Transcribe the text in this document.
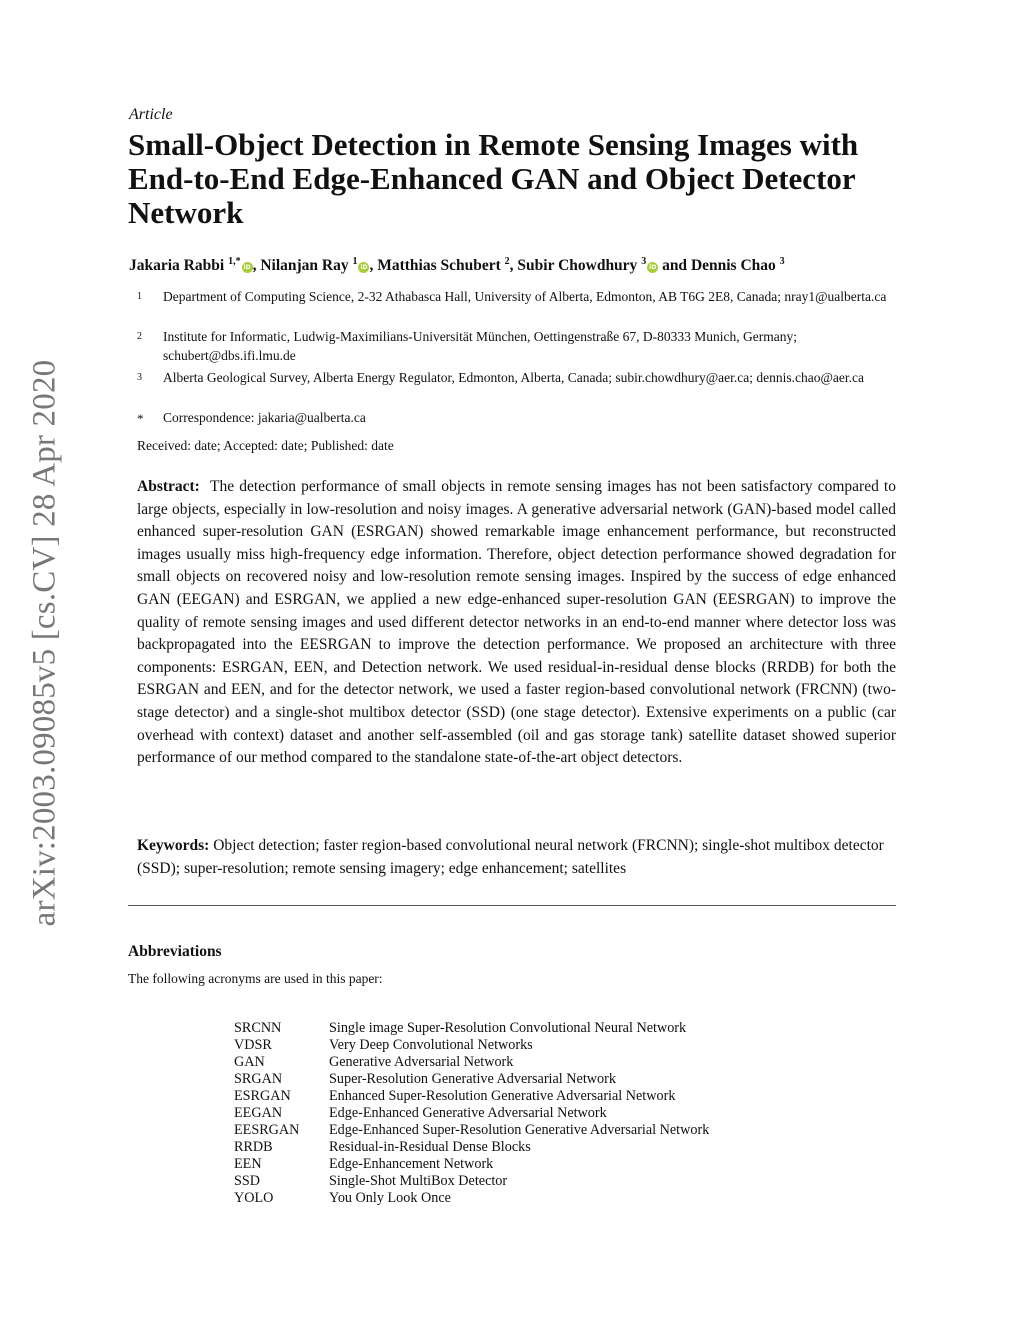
arXiv:2003.09085v5 [cs.CV] 28 Apr 2020
Article
Small-Object Detection in Remote Sensing Images with End-to-End Edge-Enhanced GAN and Object Detector Network
Jakaria Rabbi $^{1,*}$iD , Nilanjan Ray $^1$iD , Matthias Schubert $^2$, Subir Chowdhury $^3$iD and Dennis Chao $^3$
1 Department of Computing Science, 2-32 Athabasca Hall, University of Alberta, Edmonton, AB T6G 2E8, Canada; nray1@ualberta.ca
2 Institute for Informatic, Ludwig-Maximilians-Universität München, Oettingenstraße 67, D-80333 Munich, Germany; schubert@dbs.ifi.lmu.de
3 Alberta Geological Survey, Alberta Energy Regulator, Edmonton, Alberta, Canada; subir.chowdhury@aer.ca; dennis.chao@aer.ca
* Correspondence: jakaria@ualberta.ca
Received: date; Accepted: date; Published: date

Abstract: The detection performance of small objects in remote sensing images has not been satisfactory compared to large objects, especially in low-resolution and noisy images. A generative adversarial network (GAN)-based model called enhanced super-resolution GAN (ESRGAN) showed remarkable image enhancement performance, but reconstructed images usually miss high-frequency edge information. Therefore, object detection performance showed degradation for small objects on recovered noisy and low-resolution remote sensing images. Inspired by the success of edge enhanced GAN (EEGAN) and ESRGAN, we applied a new edge-enhanced super-resolution GAN (EESRGAN) to improve the quality of remote sensing images and used different detector networks in an end-to-end manner where detector loss was backpropagated into the EESRGAN to improve the detection performance. We proposed an architecture with three components: ESRGAN, EEN, and Detection network. We used residual-in-residual dense blocks (RRDB) for both the ESRGAN and EEN, and for the detector network, we used a faster region-based convolutional network (FRCNN) (two-stage detector) and a single-shot multibox detector (SSD) (one stage detector). Extensive experiments on a public (car overhead with context) dataset and another self-assembled (oil and gas storage tank) satellite dataset showed superior performance of our method compared to the standalone state-of-the-art object detectors.

Keywords: Object detection; faster region-based convolutional neural network (FRCNN); single-shot multibox detector (SSD); super-resolution; remote sensing imagery; edge enhancement; satellites

Abbreviations
The following acronyms are used in this paper:
SRCNN	Single image Super-Resolution Convolutional Neural Network
VDSR	Very Deep Convolutional Networks
GAN	Generative Adversarial Network
SRGAN	Super-Resolution Generative Adversarial Network
ESRGAN	Enhanced Super-Resolution Generative Adversarial Network
EEGAN	Edge-Enhanced Generative Adversarial Network
EESRGAN	Edge-Enhanced Super-Resolution Generative Adversarial Network
RRDB	Residual-in-Residual Dense Blocks
EEN	Edge-Enhancement Network
SSD	Single-Shot MultiBox Detector
YOLO	You Only Look Once
